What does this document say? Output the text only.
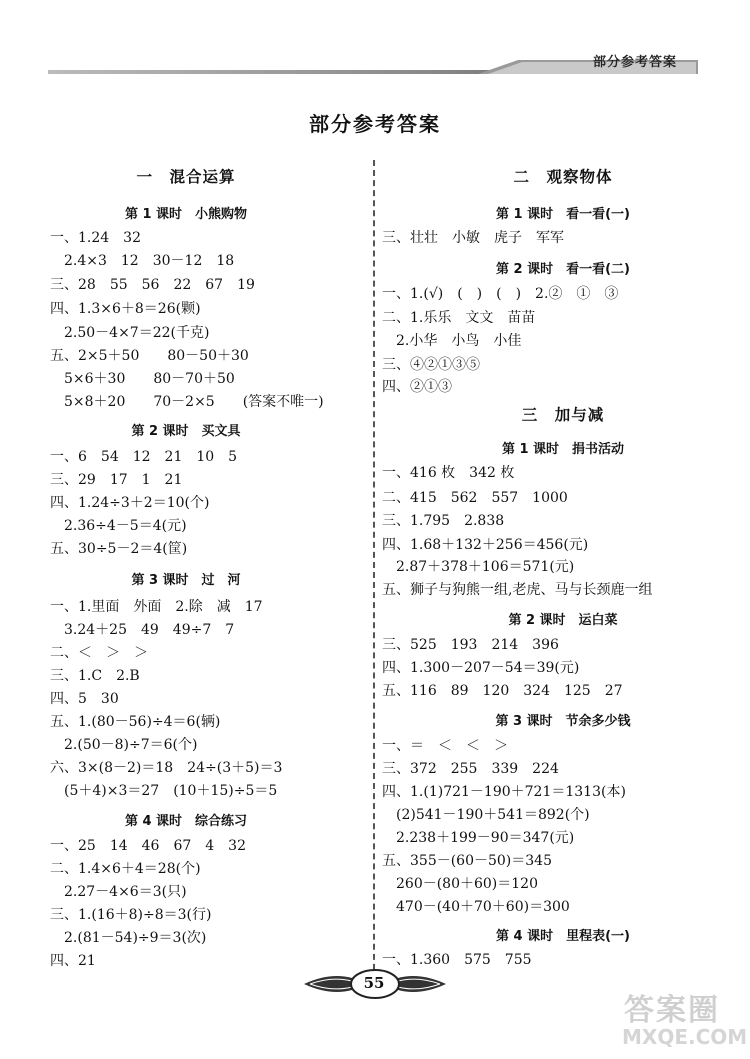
部分参考答案
部分参考答案
一　混合运算
第 1 课时　小熊购物
一、1.24　32
　2.4×3　12　30－12　18
三、28　55　56　22　67　19
四、1.3×6＋8＝26(颗)
　2.50－4×7＝22(千克)
五、2×5＋50　　80－50＋30
　5×6＋30　　80－70＋50
　5×8＋20　　70－2×5　　(答案不唯一)
第 2 课时　买文具
一、6　54　12　21　10　5
三、29　17　1　21
四、1.24÷3＋2＝10(个)
　2.36÷4－5＝4(元)
五、30÷5－2＝4(筐)
第 3 课时　过　河
一、1.里面　外面　2.除　减　17
　3.24＋25　49　49÷7　7
二、＜　＞　＞
三、1.C　2.B
四、5　30
五、1.(80－56)÷4＝6(辆)
　2.(50－8)÷7＝6(个)
六、3×(8－2)＝18　24÷(3＋5)＝3
　(5＋4)×3＝27　(10＋15)÷5＝5
第 4 课时　综合练习
一、25　14　46　67　4　32
二、1.4×6＋4＝28(个)
　2.27－4×6＝3(只)
三、1.(16＋8)÷8＝3(行)
　2.(81－54)÷9＝3(次)
四、21
二　观察物体
第 1 课时　看一看(一)
三、壮壮　小敏　虎子　军军
第 2 课时　看一看(二)
一、1.(√)　(　)　(　)　2.②　①　③
二、1.乐乐　文文　苗苗
　2.小华　小鸟　小佳
三、④②①③⑤
四、②①③
三　加与减
第 1 课时　捐书活动
一、416 枚　342 枚
二、415　562　557　1000
三、1.795　2.838
四、1.68＋132＋256＝456(元)
　2.87＋378＋106＝571(元)
五、狮子与狗熊一组,老虎、马与长颈鹿一组
第 2 课时　运白菜
三、525　193　214　396
四、1.300－207－54＝39(元)
五、116　89　120　324　125　27
第 3 课时　节余多少钱
一、＝　＜　＜　＞
三、372　255　339　224
四、1.(1)721－190＋721＝1313(本)
　(2)541－190＋541＝892(个)
　2.238＋199－90＝347(元)
五、355－(60－50)＝345
　260－(80＋60)＝120
　470－(40＋70＋60)＝300
第 4 课时　里程表(一)
一、1.360　575　755
55
答案圈
MXQE.COM
